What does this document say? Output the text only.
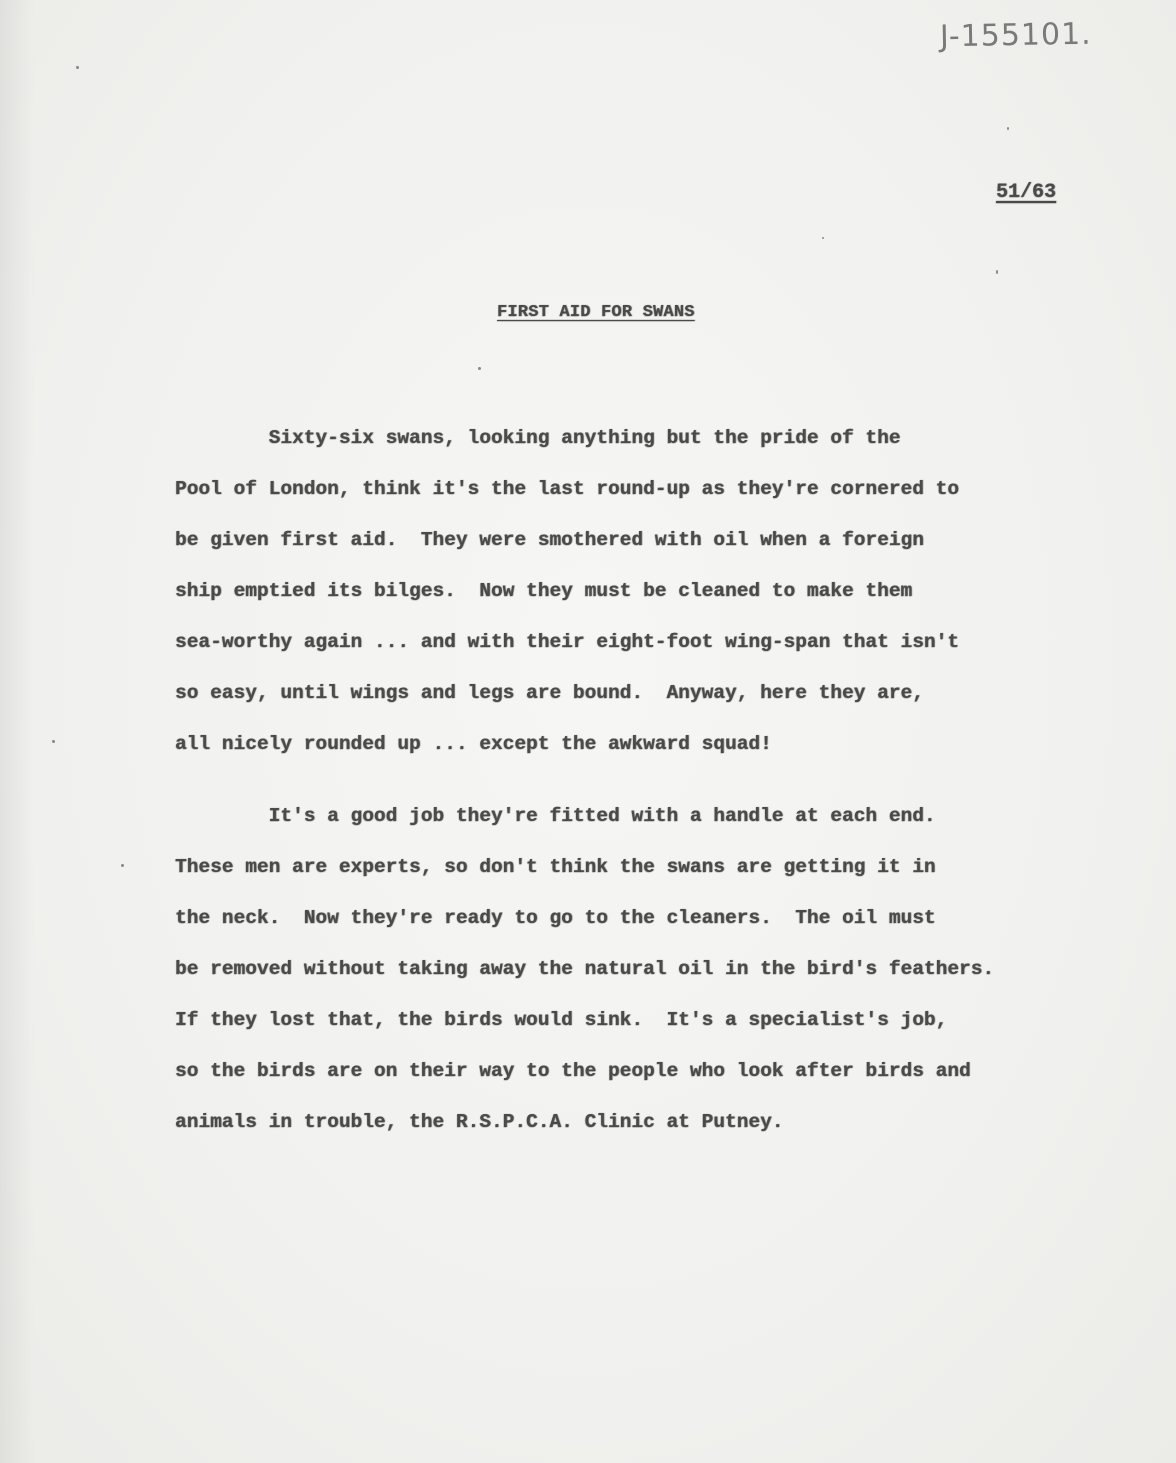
J-155101.
51/63
FIRST AID FOR SWANS
Sixty-six swans, looking anything but the pride of the
Pool of London, think it's the last round-up as they're cornered to
be given first aid.  They were smothered with oil when a foreign
ship emptied its bilges.  Now they must be cleaned to make them
sea-worthy again ... and with their eight-foot wing-span that isn't
so easy, until wings and legs are bound.  Anyway, here they are,
all nicely rounded up ... except the awkward squad!
It's a good job they're fitted with a handle at each end.
These men are experts, so don't think the swans are getting it in
the neck.  Now they're ready to go to the cleaners.  The oil must
be removed without taking away the natural oil in the bird's feathers.
If they lost that, the birds would sink.  It's a specialist's job,
so the birds are on their way to the people who look after birds and
animals in trouble, the R.S.P.C.A. Clinic at Putney.
